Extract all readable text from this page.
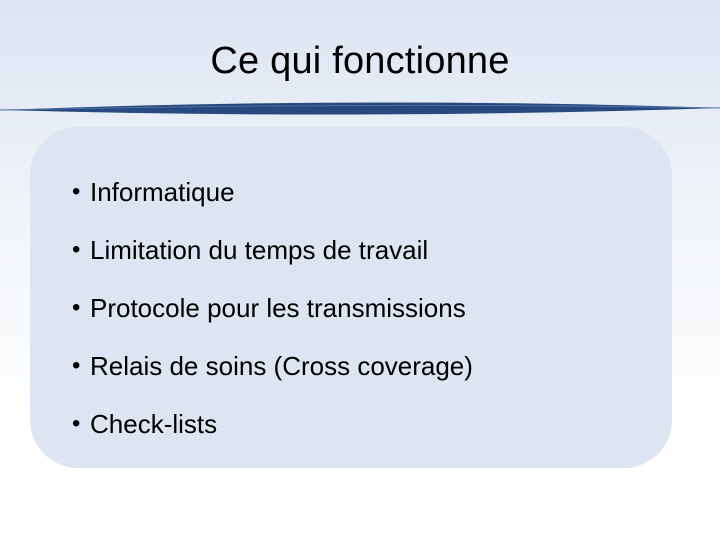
Ce qui fonctionne
• Informatique
• Limitation du temps de travail
• Protocole pour les transmissions
• Relais de soins (Cross coverage)
• Check-lists
